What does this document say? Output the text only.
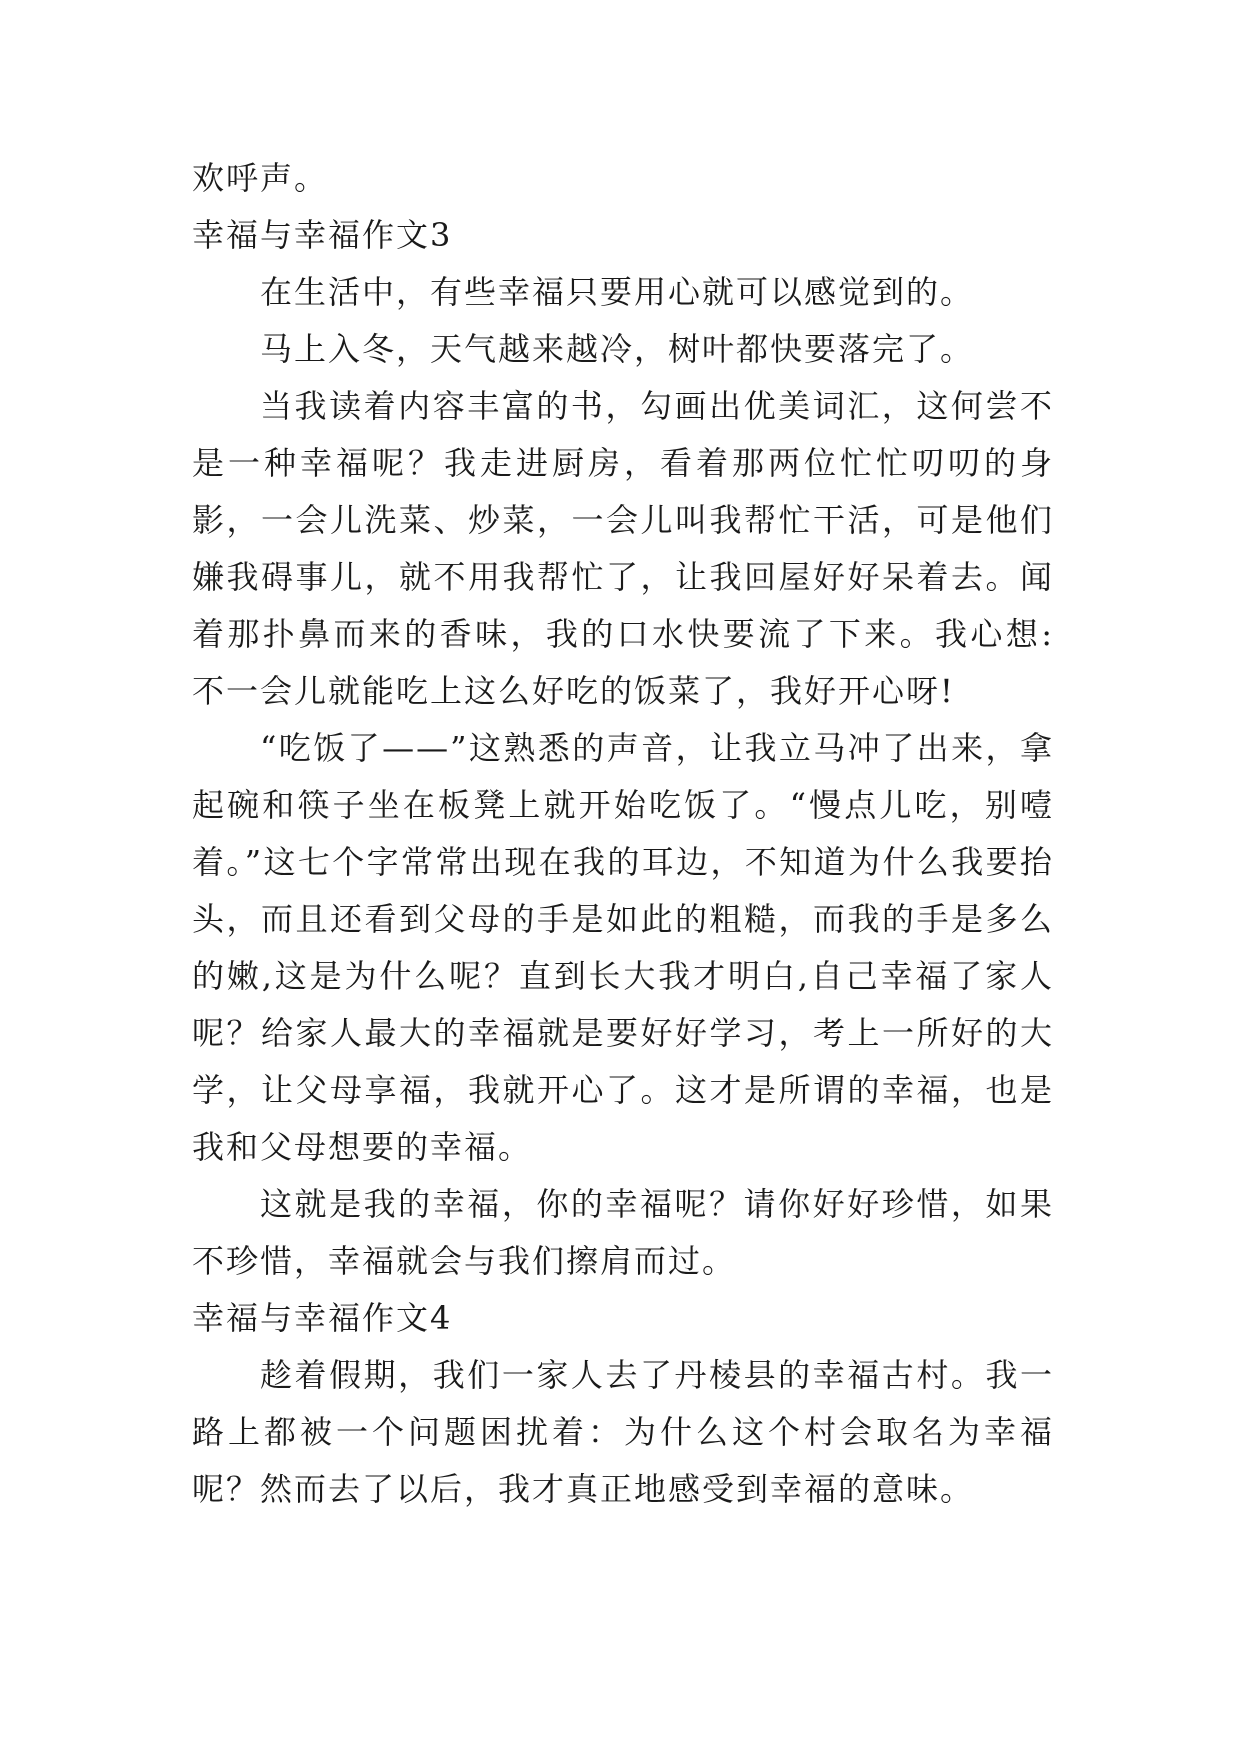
欢呼声。

幸福与幸福作文3

在生活中，有些幸福只要用心就可以感觉到的。

马上入冬，天气越来越冷，树叶都快要落完了。

当我读着内容丰富的书，勾画出优美词汇，这何尝不是一种幸福呢？我走进厨房，看着那两位忙忙叨叨的身影，一会儿洗菜、炒菜，一会儿叫我帮忙干活，可是他们嫌我碍事儿，就不用我帮忙了，让我回屋好好呆着去。闻着那扑鼻而来的香味，我的口水快要流了下来。我心想:不一会儿就能吃上这么好吃的饭菜了，我好开心呀!

“吃饭了——”这熟悉的声音，让我立马冲了出来，拿起碗和筷子坐在板凳上就开始吃饭了。“慢点儿吃，别噎着。”这七个字常常出现在我的耳边，不知道为什么我要抬头，而且还看到父母的手是如此的粗糙，而我的手是多么的嫩,这是为什么呢？直到长大我才明白,自己幸福了家人呢？给家人最大的幸福就是要好好学习，考上一所好的大学，让父母享福，我就开心了。这才是所谓的幸福，也是我和父母想要的幸福。

这就是我的幸福，你的幸福呢？请你好好珍惜，如果不珍惜，幸福就会与我们擦肩而过。

幸福与幸福作文4

趁着假期，我们一家人去了丹棱县的幸福古村。我一路上都被一个问题困扰着：为什么这个村会取名为幸福呢？然而去了以后，我才真正地感受到幸福的意味。
